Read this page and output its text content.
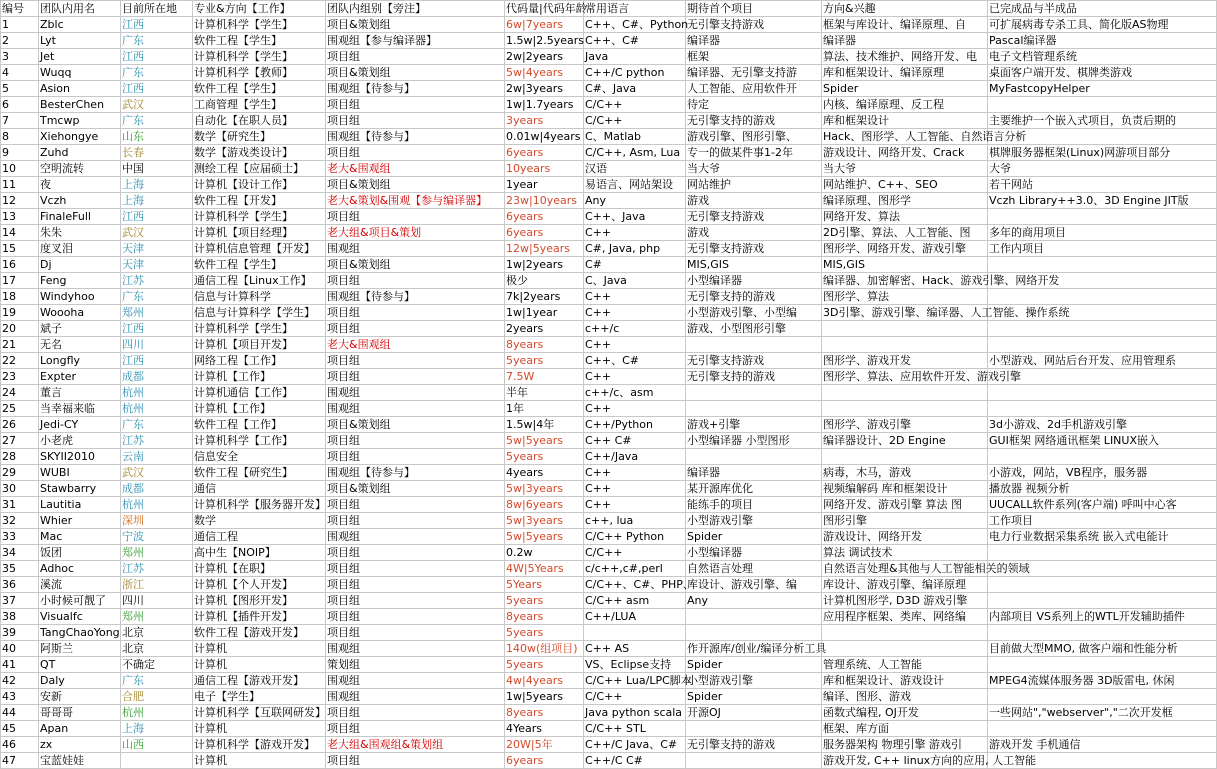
编号	团队内用名	目前所在地	专业&方向【工作】	团队内组别【旁注】	代码量|代码年龄	常用语言	期待首个项目	方向&兴趣	已完成品与半成品
1	Zblc	江西	计算机科学【学生】	项目&策划组	6w|7years	C++、C#、Python	无引擎支持游戏	框架与库设计、编译原理、自	可扩展病毒专杀工具、简化版AS物理
2	Lyt	广东	软件工程【学生】	围观组【参与编译器】	1.5w|2.5years	C++、C#	编译器	编译器	Pascal编译器
3	Jet	江西	计算机科学【学生】	项目组	2w|2years	Java	框架	算法、技术维护、网络开发、电	电子文档管理系统
4	Wuqq	广东	计算机科学【教师】	项目&策划组	5w|4years	C++/C python	编译器、无引擎支持游	库和框架设计、编译原理	桌面客户端开发、棋牌类游戏
5	Asion	江西	软件工程【学生】	围观组【待参与】	2w|3years	C#、Java	人工智能、应用软件开	Spider	MyFastcopyHelper
6	BesterChen	武汉	工商管理【学生】	项目组	1w|1.7years	C/C++	待定	内核、编译原理、反工程	
7	Tmcwp	广东	自动化【在职人员】	项目组	3years	C/C++	无引擎支持的游戏	库和框架设计	主要维护一个嵌入式项目，负责后期的
8	Xiehongye	山东	数学【研究生】	围观组【待参与】	0.01w|4years	C、Matlab	游戏引擎、图形引擎、	Hack、图形学、人工智能、自然语言分析	
9	Zuhd	长春	数学【游戏类设计】	项目组	6years	C/C++, Asm, Lua	专一的做某件事1-2年	游戏设计、网络开发、Crack	棋牌服务器框架(Linux)网游项目部分
10	空明流转	中国	测绘工程【应届硕士】	老大&围观组	10years	汉语	当大爷	当大爷	大爷
11	夜	上海	计算机【设计工作】	项目&策划组	1year	易语言、网站架设	网站维护	网站维护、C++、SEO	若干网站
12	Vczh	上海	软件工程【开发】	老大&策划&围观【参与编译器】	23w|10years	Any	游戏	编译原理、图形学	Vczh Library++3.0、3D Engine JIT版
13	FinaleFull	江西	计算机科学【学生】	项目组	6years	C++、Java	无引擎支持游戏	网络开发、算法	
14	朱朱	武汉	计算机【项目经理】	老大组&项目&策划	6years	C++	游戏	2D引擎、算法、人工智能、图	多年的商用项目
15	度叉泪	天津	计算机信息管理【开发】	围观组	12w|5years	C#, Java, php	无引擎支持游戏	图形学、网络开发、游戏引擎	工作内项目
16	Dj	天津	软件工程【学生】	项目&策划组	1w|2years	C#	MIS,GIS	MIS,GIS	
17	Feng	江苏	通信工程【Linux工作】	项目组	极少	C、Java	小型编译器	编译器、加密解密、Hack、游戏引擎、网络开发	
18	Windyhoo	广东	信息与计算科学	围观组【待参与】	7k|2years	C++	无引擎支持的游戏	图形学、算法	
19	Woooha	郑州	信息与计算科学【学生】	项目组	1w|1year	C++	小型游戏引擎、小型编	3D引擎、游戏引擎、编译器、人工智能、操作系统	
20	斌子	江西	计算机科学【学生】	项目组	2years	c++/c	游戏、小型图形引擎		
21	无名	四川	计算机【项目开发】	老大&围观组	8years	C++			
22	Longfly	江西	网络工程【工作】	项目组	5years	C++、C#	无引擎支持游戏	图形学、游戏开发	小型游戏、网站后台开发、应用管理系
23	Expter	成都	计算机【工作】	项目组	7.5W	C++	无引擎支持的游戏	图形学、算法、应用软件开发、游戏引擎	
24	董言	杭州	计算机通信【工作】	围观组	半年	c++/c、asm			
25	当幸福来临	杭州	计算机【工作】	围观组	1年	C++			
26	Jedi-CY	广东	软件工程【工作】	项目&策划组	1.5w|4年	C++/Python	游戏+引擎	图形学、游戏引擎	3d小游戏、2d手机游戏引擎
27	小老虎	江苏	计算机科学【工作】	项目组	5w|5years	C++ C#	小型编译器 小型图形	编译器设计、2D Engine	GUI框架 网络通讯框架 LINUX嵌入
28	SKYII2010	云南	信息安全	项目组	5years	C++/Java			
29	WUBI	武汉	软件工程【研究生】	围观组【待参与】	4years	C++	编译器	病毒，木马，游戏	小游戏，网站，VB程序，服务器
30	Stawbarry	成都	通信	项目&策划组	5w|3years	C++	某开源库优化	视频编解码 库和框架设计	播放器 视频分析
31	Lautitia	杭州	计算机科学【服务器开发】	项目组	8w|6years	C++	能练手的项目	网络开发、游戏引擎 算法 图	UUCALL软件系列(客户端) 呼叫中心客
32	Whier	深圳	数学	项目组	5w|3years	c++, lua	小型游戏引擎	图形引擎	工作项目
33	Mac	宁波	通信工程	围观组	5w|5years	C/C++ Python	Spider	游戏设计、网络开发	电力行业数据采集系统 嵌入式电能计
34	饭团	郑州	高中生【NOIP】	项目组	0.2w	C/C++	小型编译器	算法 调试技术	
35	Adhoc	江苏	计算机【在职】	项目组	4W|5Years	c/c++,c#,perl	自然语言处理	自然语言处理&其他与人工智能相关的领域	
36	溪流	浙江	计算机【个人开发】	项目组	5Years	C/C++、C#、PHP、	库设计、游戏引擎、编	库设计、游戏引擎、编译原理	
37	小时候可靓了	四川	计算机【图形开发】	项目组	5years	C/C++ asm	Any	计算机图形学, D3D 游戏引擎	
38	Visualfc	郑州	计算机【插件开发】	项目组	8years	C++/LUA		应用程序框架、类库、网络编	内部项目 VS系列上的WTL开发辅助插件
39	TangChaoYong	北京	软件工程【游戏开发】	项目组	5years				
40	阿斯兰	北京	计算机	围观组	140w(组项目)	C++ AS	作开源库/创业/编译分析工具		目前做大型MMO, 做客户端和性能分析
41	QT	不确定	计算机	策划组	5years	VS、Eclipse支持	Spider	管理系统、人工智能	
42	Daly	广东	通信工程【游戏开发】	围观组	4w|4years	C/C++ Lua/LPC脚本	小型游戏引擎	库和框架设计、游戏设计	MPEG4流媒体服务器 3D版雷电, 休闲
43	安新	合肥	电子【学生】	围观组	1w|5years	C/C++	Spider	编译、图形、游戏	
44	哥哥哥	杭州	计算机科学【互联网研发】	项目组	8years	Java python scala	开源OJ	函数式编程, OJ开发	一些网站","webserver","二次开发框
45	Apan	上海	计算机	项目组	4Years	C/C++ STL		框架、库方面	
46	zx	山西	计算机科学【游戏开发】	老大组&围观组&策划组	20W|5年	C++/C Java、C#	无引擎支持的游戏	服务器架构 物理引擎 游戏引	游戏开发 手机通信
47	宝蓝娃娃		计算机	项目组	6years	C++/C C#		游戏开发, C++ linux方向的应用, 人工智能	
